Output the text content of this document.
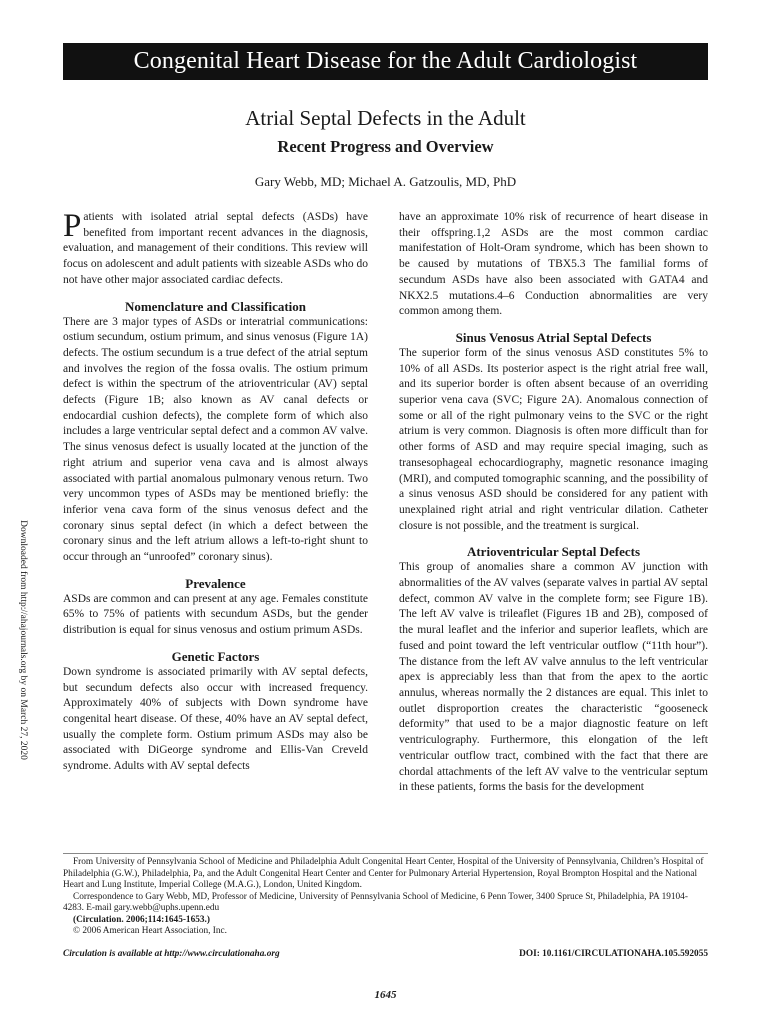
Congenital Heart Disease for the Adult Cardiologist
Atrial Septal Defects in the Adult
Recent Progress and Overview
Gary Webb, MD; Michael A. Gatzoulis, MD, PhD
Downloaded from http://ahajournals.org by on March 27, 2020

Patients with isolated atrial septal defects (ASDs) have benefited from important recent advances in the diagnosis, evaluation, and management of their conditions. This review will focus on adolescent and adult patients with sizeable ASDs who do not have other major associated cardiac defects.

Nomenclature and Classification

There are 3 major types of ASDs or interatrial communications: ostium secundum, ostium primum, and sinus venosus (Figure 1A) defects. The ostium secundum is a true defect of the atrial septum and involves the region of the fossa ovalis. The ostium primum defect is within the spectrum of the atrioventricular (AV) septal defects (Figure 1B; also known as AV canal defects or endocardial cushion defects), the complete form of which also includes a large ventricular septal defect and a common AV valve. The sinus venosus defect is usually located at the junction of the right atrium and superior vena cava and is almost always associated with partial anomalous pulmonary venous return. Two very uncommon types of ASDs may be mentioned briefly: the inferior vena cava form of the sinus venosus defect and the coronary sinus septal defect (in which a defect between the coronary sinus and the left atrium allows a left-to-right shunt to occur through an “unroofed” coronary sinus).

Prevalence

ASDs are common and can present at any age. Females constitute 65% to 75% of patients with secundum ASDs, but the gender distribution is equal for sinus venosus and ostium primum ASDs.

Genetic Factors

Down syndrome is associated primarily with AV septal defects, but secundum defects also occur with increased frequency. Approximately 40% of subjects with Down syndrome have congenital heart disease. Of these, 40% have an AV septal defect, usually the complete form. Ostium primum ASDs may also be associated with DiGeorge syndrome and Ellis-Van Creveld syndrome. Adults with AV septal defects

have an approximate 10% risk of recurrence of heart disease in their offspring.1,2 ASDs are the most common cardiac manifestation of Holt-Oram syndrome, which has been shown to be caused by mutations of TBX5.3 The familial forms of secundum ASDs have also been associated with GATA4 and NKX2.5 mutations.4–6 Conduction abnormalities are very common among them.

Sinus Venosus Atrial Septal Defects

The superior form of the sinus venosus ASD constitutes 5% to 10% of all ASDs. Its posterior aspect is the right atrial free wall, and its superior border is often absent because of an overriding superior vena cava (SVC; Figure 2A). Anomalous connection of some or all of the right pulmonary veins to the SVC or the right atrium is very common. Diagnosis is often more difficult than for other forms of ASD and may require special imaging, such as transesophageal echocardiography, magnetic resonance imaging (MRI), and computed tomographic scanning, and the possibility of a sinus venosus ASD should be considered for any patient with unexplained right atrial and right ventricular dilation. Catheter closure is not possible, and the treatment is surgical.

Atrioventricular Septal Defects

This group of anomalies share a common AV junction with abnormalities of the AV valves (separate valves in partial AV septal defect, common AV valve in the complete form; see Figure 1B). The left AV valve is trileaflet (Figures 1B and 2B), composed of the mural leaflet and the inferior and superior leaflets, which are fused and point toward the left ventricular outflow (“11th hour”). The distance from the left AV valve annulus to the left ventricular apex is appreciably less than that from the apex to the aortic annulus, whereas normally the 2 distances are equal. This inlet to outlet disproportion creates the characteristic “gooseneck deformity” that used to be a major diagnostic feature on left ventriculography. Furthermore, this elongation of the left ventricular outflow tract, combined with the fact that there are chordal attachments of the left AV valve to the ventricular septum in these patients, forms the basis for the development

From University of Pennsylvania School of Medicine and Philadelphia Adult Congenital Heart Center, Hospital of the University of Pennsylvania, Children’s Hospital of Philadelphia (G.W.), Philadelphia, Pa, and the Adult Congenital Heart Center and Center for Pulmonary Arterial Hypertension, Royal Brompton Hospital and the National Heart and Lung Institute, Imperial College (M.A.G.), London, United Kingdom.

Correspondence to Gary Webb, MD, Professor of Medicine, University of Pennsylvania School of Medicine, 6 Penn Tower, 3400 Spruce St, Philadelphia, PA 19104-4283. E-mail gary.webb@uphs.upenn.edu

(Circulation. 2006;114:1645-1653.)

© 2006 American Heart Association, Inc.

Circulation is available at http://www.circulationaha.org	DOI: 10.1161/CIRCULATIONAHA.105.592055
1645
